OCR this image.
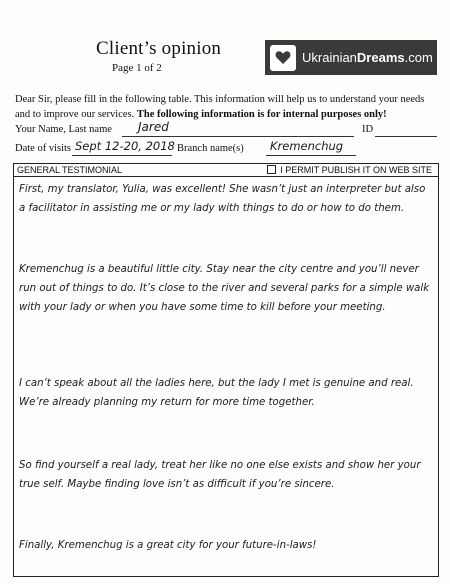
Client’s opinion
Page 1 of 2
UkrainianDreams.com
Dear Sir, please fill in the following table. This information will help us to understand your needs and to improve our services. The following information is for internal purposes only!
Your Name, Last name Jared	ID
Date of visits Sept 12-20, 2018 Branch name(s) Kremenchug
GENERAL TESTIMONIAL	I PERMIT PUBLISH IT ON WEB SITE
First, my translator, Yulia, was excellent! She wasn’t just an interpreter but also a facilitator in assisting me or my lady with things to do or how to do them.
Kremenchug is a beautiful little city. Stay near the city centre and you’ll never run out of things to do. It’s close to the river and several parks for a simple walk with your lady or when you have some time to kill before your meeting.
I can’t speak about all the ladies here, but the lady I met is genuine and real. We’re already planning my return for more time together.
So find yourself a real lady, treat her like no one else exists and show her your true self. Maybe finding love isn’t as difficult if you’re sincere.
Finally, Kremenchug is a great city for your future-in-laws!
